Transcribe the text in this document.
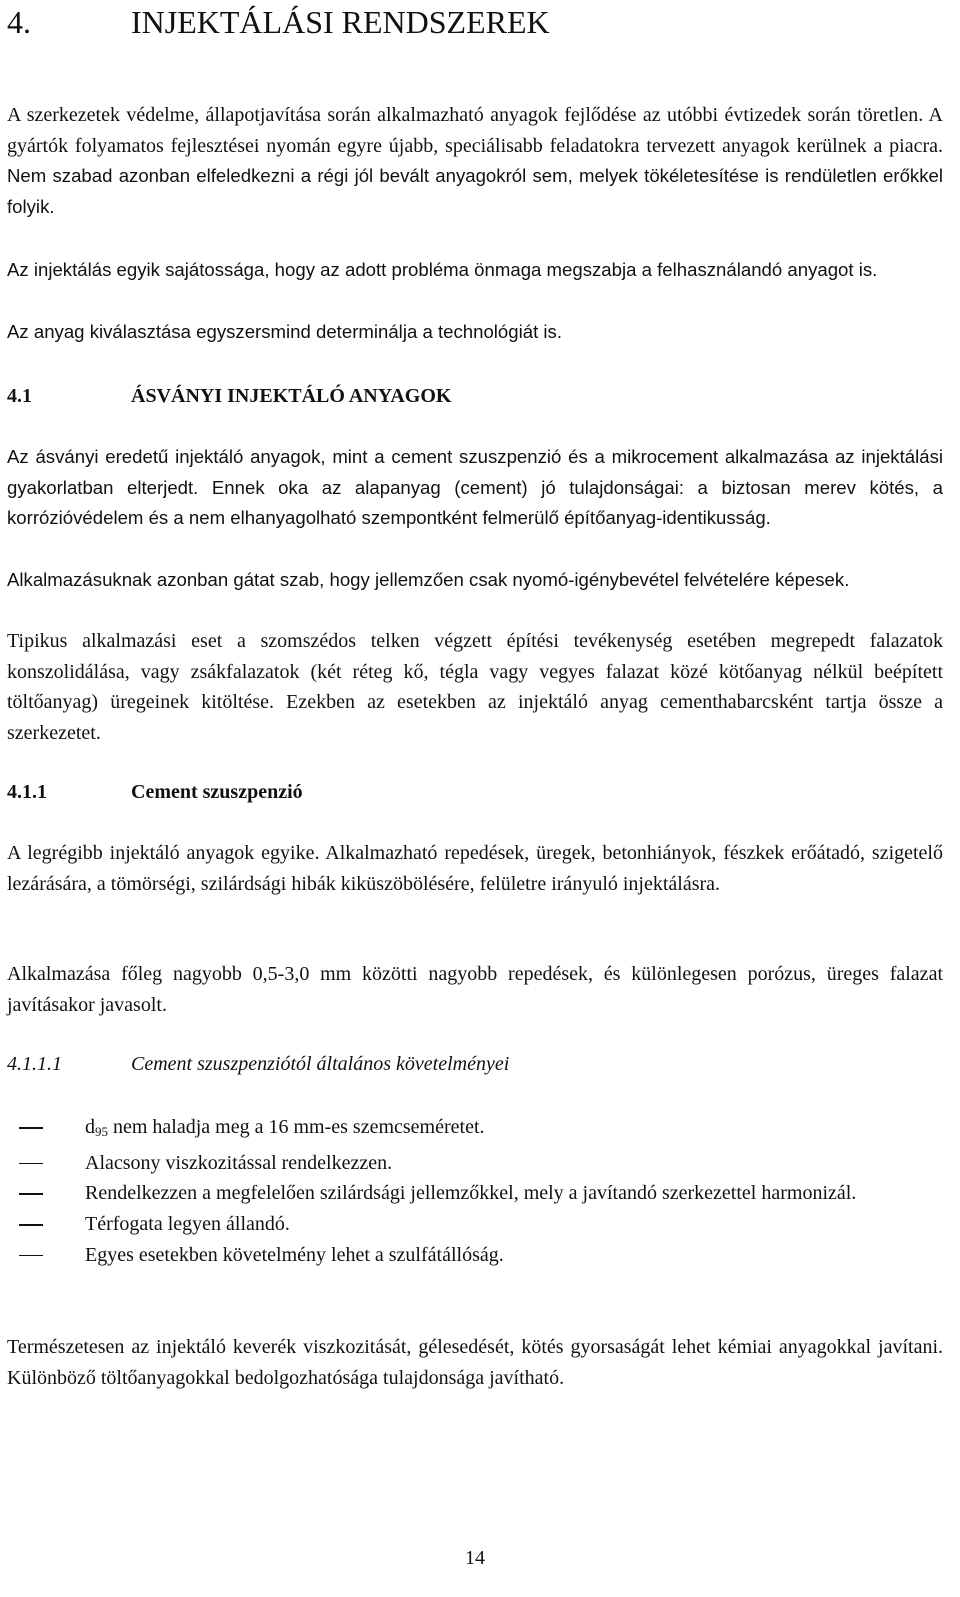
4.	INJEKTÁLÁSI RENDSZEREK

A szerkezetek védelme, állapotjavítása során alkalmazható anyagok fejlődése az utóbbi évtizedek során töretlen. A gyártók folyamatos fejlesztései nyomán egyre újabb, speciálisabb feladatokra tervezett anyagok kerülnek a piacra. Nem szabad azonban elfeledkezni a régi jól bevált anyagokról sem, melyek tökéletesítése is rendületlen erőkkel folyik.

Az injektálás egyik sajátossága, hogy az adott probléma önmaga megszabja a felhasználandó anyagot is.

Az anyag kiválasztása egyszersmind determinálja a technológiát is.

4.1	ÁSVÁNYI INJEKTÁLÓ ANYAGOK

Az ásványi eredetű injektáló anyagok, mint a cement szuszpenzió és a mikrocement alkalmazása az injektálási gyakorlatban elterjedt. Ennek oka az alapanyag (cement) jó tulajdonságai: a biztosan merev kötés, a korrózióvédelem és a nem elhanyagolható szempontként felmerülő építőanyag-identikusság.

Alkalmazásuknak azonban gátat szab, hogy jellemzően csak nyomó-igénybevétel felvételére képesek.

Tipikus alkalmazási eset a szomszédos telken végzett építési tevékenység esetében megrepedt falazatok konszolidálása, vagy zsákfalazatok (két réteg kő, tégla vagy vegyes falazat közé kötőanyag nélkül beépített töltőanyag) üregeinek kitöltése. Ezekben az esetekben az injektáló anyag cementhabarcsként tartja össze a szerkezetet.

4.1.1	Cement szuszpenzió

A legrégibb injektáló anyagok egyike. Alkalmazható repedések, üregek, betonhiányok, fészkek erőátadó, szigetelő lezárására, a tömörségi, szilárdsági hibák kiküszöbölésére, felületre irányuló injektálásra.

Alkalmazása főleg nagyobb 0,5-3,0 mm közötti nagyobb repedések, és különlegesen porózus, üreges falazat javításakor javasolt.

4.1.1.1	Cement szuszpenziótól általános követelményei
$d_{95}$ nem haladja meg a 16 mm-es szemcseméretet.
Alacsony viszkozitással rendelkezzen.
Rendelkezzen a megfelelően szilárdsági jellemzőkkel, mely a javítandó szerkezettel harmonizál.
Térfogata legyen állandó.
Egyes esetekben követelmény lehet a szulfátállóság.

Természetesen az injektáló keverék viszkozitását, gélesedését, kötés gyorsaságát lehet kémiai anyagokkal javítani. Különböző töltőanyagokkal bedolgozhatósága tulajdonsága javítható.

14
